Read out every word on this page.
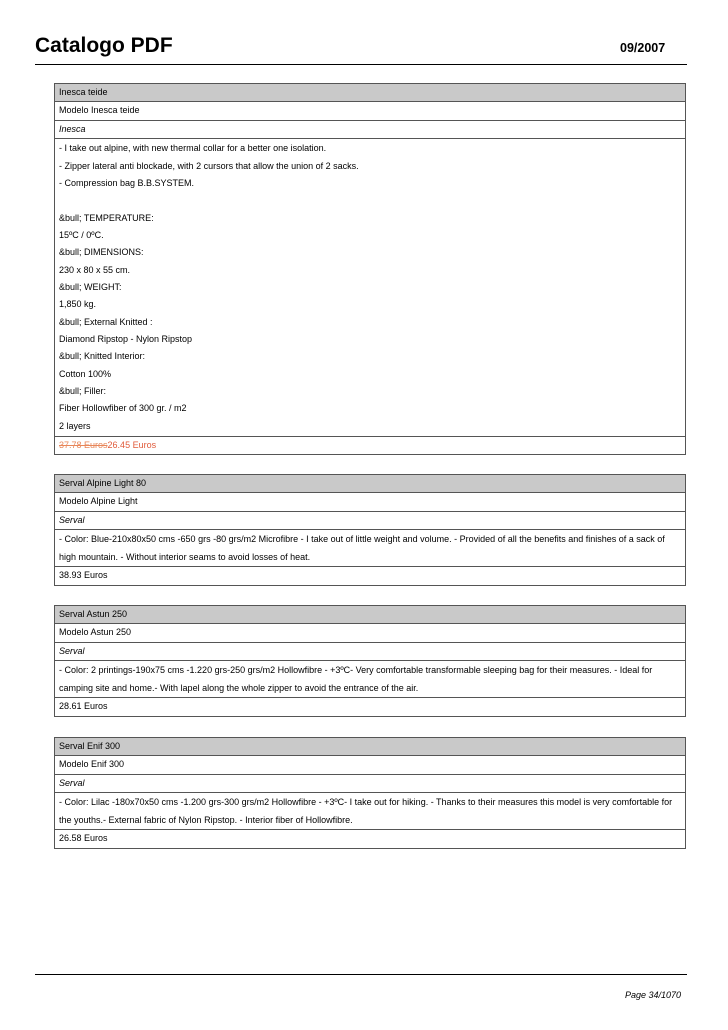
Catalogo PDF	09/2007
Inesca teide
Modelo Inesca teide
Inesca
- I take out alpine, with new thermal collar for a better one isolation.
- Zipper lateral anti blockade, with 2 cursors that allow the union of 2 sacks.
- Compression bag B.B.SYSTEM.

&bull; TEMPERATURE:
15ºC / 0ºC.
&bull; DIMENSIONS:
230 x 80 x 55 cm.
&bull; WEIGHT:
1,850 kg.
&bull; External Knitted :
Diamond Ripstop - Nylon Ripstop
&bull; Knitted Interior:
Cotton 100%
&bull; Filler:
Fiber Hollowfiber of 300 gr. / m2
2 layers
37.78 Euros26.45 Euros
Serval Alpine Light 80
Modelo Alpine Light
Serval
- Color: Blue-210x80x50 cms -650 grs -80 grs/m2 Microfibre - I take out of little weight and volume. - Provided of all the benefits and finishes of a sack of high mountain. - Without interior seams to avoid losses of heat.
38.93 Euros
Serval Astun 250
Modelo Astun 250
Serval
- Color: 2 printings-190x75 cms -1.220 grs-250 grs/m2 Hollowfibre - +3ºC- Very comfortable transformable sleeping bag for their measures. - Ideal for camping site and home.- With lapel along the whole zipper to avoid the entrance of the air.
28.61 Euros
Serval Enif 300
Modelo Enif 300
Serval
- Color: Lilac -180x70x50 cms -1.200 grs-300 grs/m2 Hollowfibre - +3ºC- I take out for hiking. - Thanks to their measures this model is very comfortable for the youths.- External fabric of Nylon Ripstop. - Interior fiber of Hollowfibre.
26.58 Euros
Page 34/1070
